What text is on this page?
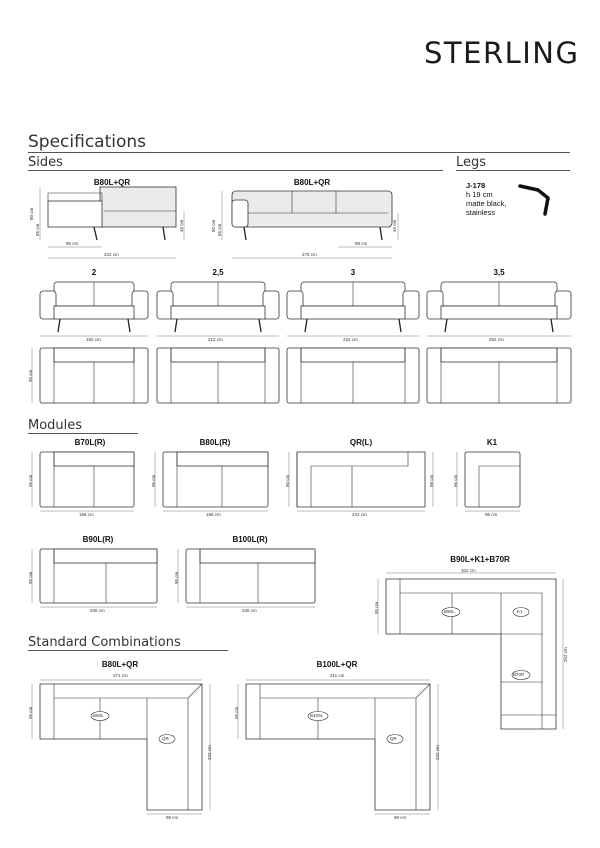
STERLING
Specifications
Sides	Legs
Modules
Standard Combinations
J-178
h 19 cm
matte black,
stainless
B80L+QR	B80L+QR
80 cm
65 cm	46 cm
95 cm
222 cm
80 cm 65 cm	46 cm
98 cm
276 cm
2	2,5	3	3,5
192 cm	212 cm	232 cm	252 cm
95 cm
B70L(R)	B80L(R)	QR(L)	K1
95 cm
166 cm
95 cm
186 cm
90 cm	98 cm
222 cm
96 cm
96 cm
B90L(R)	B100L(R)
95 cm
206 cm
95 cm
226 cm
B90L+K1+B70R
302 cm
95 cm
262 cm
B90L	K1
B70R
B80L+QR
271 cm
95 cm
222 cm
98 cm
B80L
QR
B100L+QR
311 cm
95 cm
222 cm
98 cm
B100L
QR
